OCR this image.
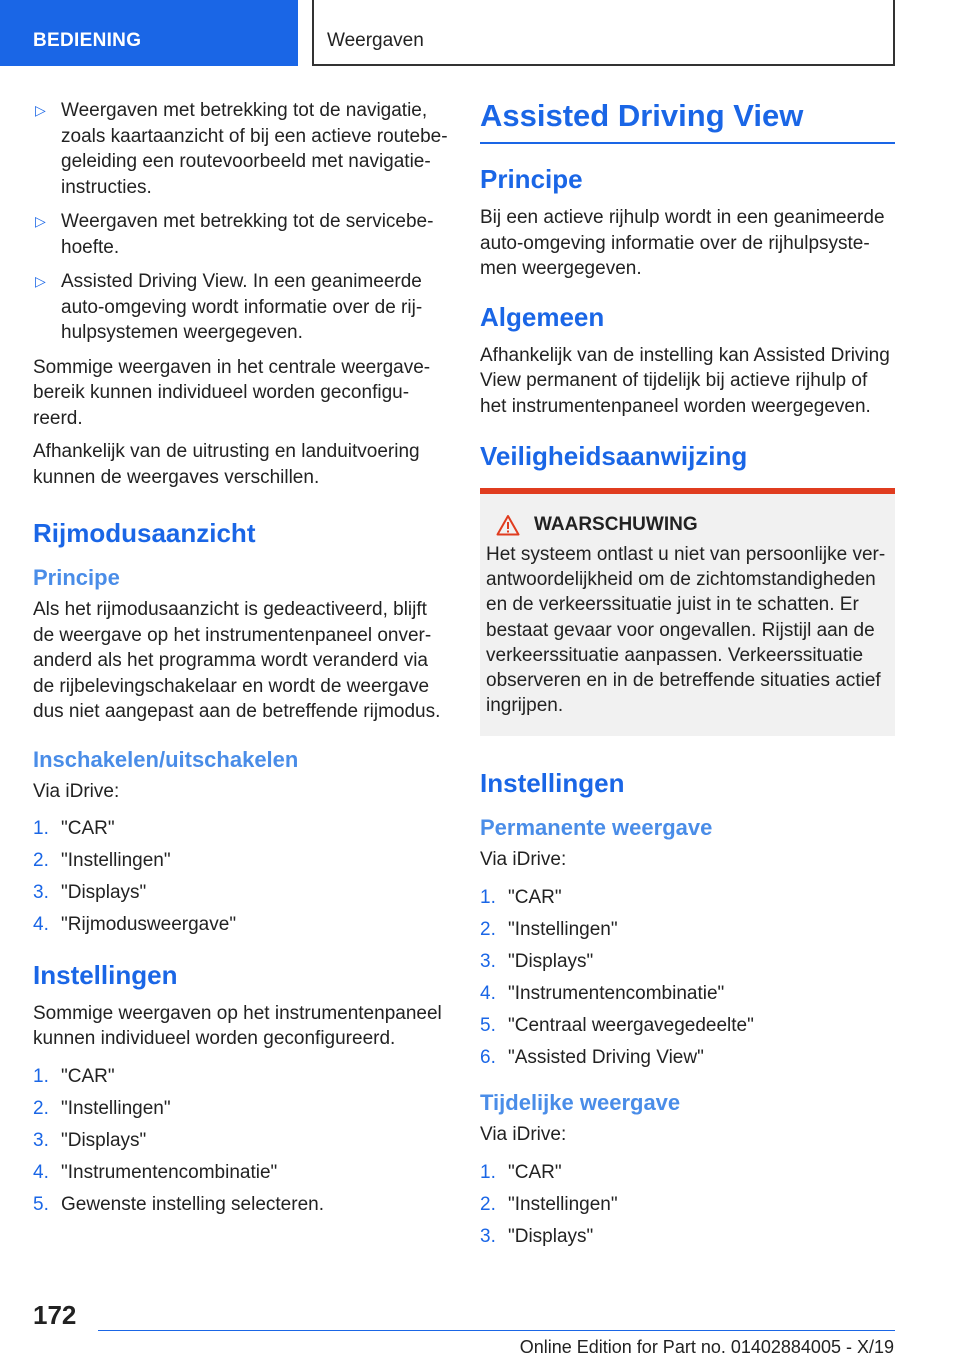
BEDIENING	Weergaven
▷ Weergaven met betrekking tot de navigatie, zoals kaartaanzicht of bij een actieve routebegeleiding een routevoorbeeld met navigatie-instructies.
▷ Weergaven met betrekking tot de servicebehoefte.
▷ Assisted Driving View. In een geanimeerde auto-omgeving wordt informatie over de rijhulpsystemen weergegeven.

Sommige weergaven in het centrale weergavebereik kunnen individueel worden geconfigureerd.

Afhankelijk van de uitrusting en landuitvoering kunnen de weergaves verschillen.

Rijmodusaanzicht
Principe

Als het rijmodusaanzicht is gedeactiveerd, blijft de weergave op het instrumentenpaneel onveranderd als het programma wordt veranderd via de rijbelevingschakelaar en wordt de weergave dus niet aangepast aan de betreffende rijmodus.

Inschakelen/uitschakelen

Via iDrive:

1. "CAR"
2. "Instellingen"
3. "Displays"
4. "Rijmodusweergave"
Instellingen

Sommige weergaven op het instrumentenpaneel kunnen individueel worden geconfigureerd.

1. "CAR"
2. "Instellingen"
3. "Displays"
4. "Instrumentencombinatie"
5. Gewenste instelling selecteren.
Assisted Driving View
Principe

Bij een actieve rijhulp wordt in een geanimeerde auto-omgeving informatie over de rijhulpsystemen weergegeven.

Algemeen

Afhankelijk van de instelling kan Assisted Driving View permanent of tijdelijk bij actieve rijhulp of het instrumentenpaneel worden weergegeven.

Veiligheidsaanwijzing
WAARSCHUWING

Het systeem ontlast u niet van persoonlijke verantwoordelijkheid om de zichtomstandigheden en de verkeerssituatie juist in te schatten. Er bestaat gevaar voor ongevallen. Rijstijl aan de verkeerssituatie aanpassen. Verkeerssituatie observeren en in de betreffende situaties actief ingrijpen.

Instellingen
Permanente weergave

Via iDrive:

1. "CAR"
2. "Instellingen"
3. "Displays"
4. "Instrumentencombinatie"
5. "Centraal weergavegedeelte"
6. "Assisted Driving View"
Tijdelijke weergave

Via iDrive:

1. "CAR"
2. "Instellingen"
3. "Displays"
172
Online Edition for Part no. 01402884005 - X/19
